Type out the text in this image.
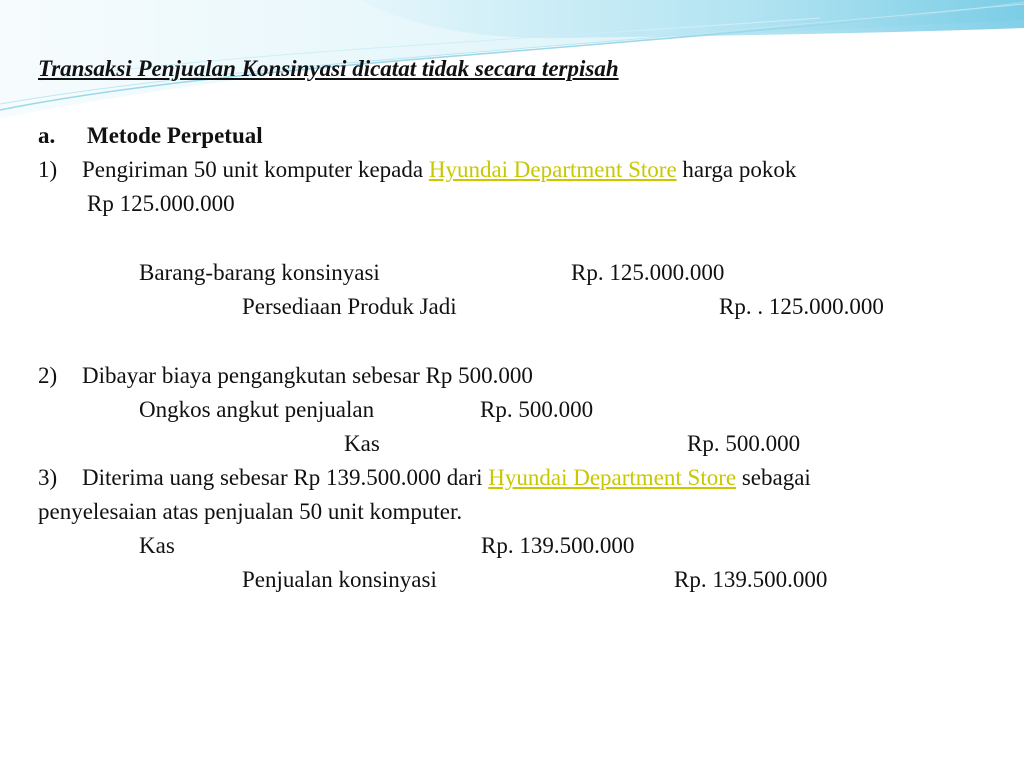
Transaksi Penjualan Konsinyasi dicatat tidak secara terpisah
a. Metode Perpetual
1) Pengiriman 50 unit komputer kepada Hyundai Department Store harga pokok
Rp 125.000.000
Barang-barang konsinyasi	Rp. 125.000.000
Persediaan Produk Jadi	Rp. . 125.000.000
2) Dibayar biaya pengangkutan sebesar Rp 500.000
Ongkos angkut penjualan	Rp. 500.000
Kas	Rp. 500.000
3) Diterima uang sebesar Rp 139.500.000 dari Hyundai Department Store sebagai
penyelesaian atas penjualan 50 unit komputer.
Kas	Rp. 139.500.000
Penjualan konsinyasi	Rp. 139.500.000
